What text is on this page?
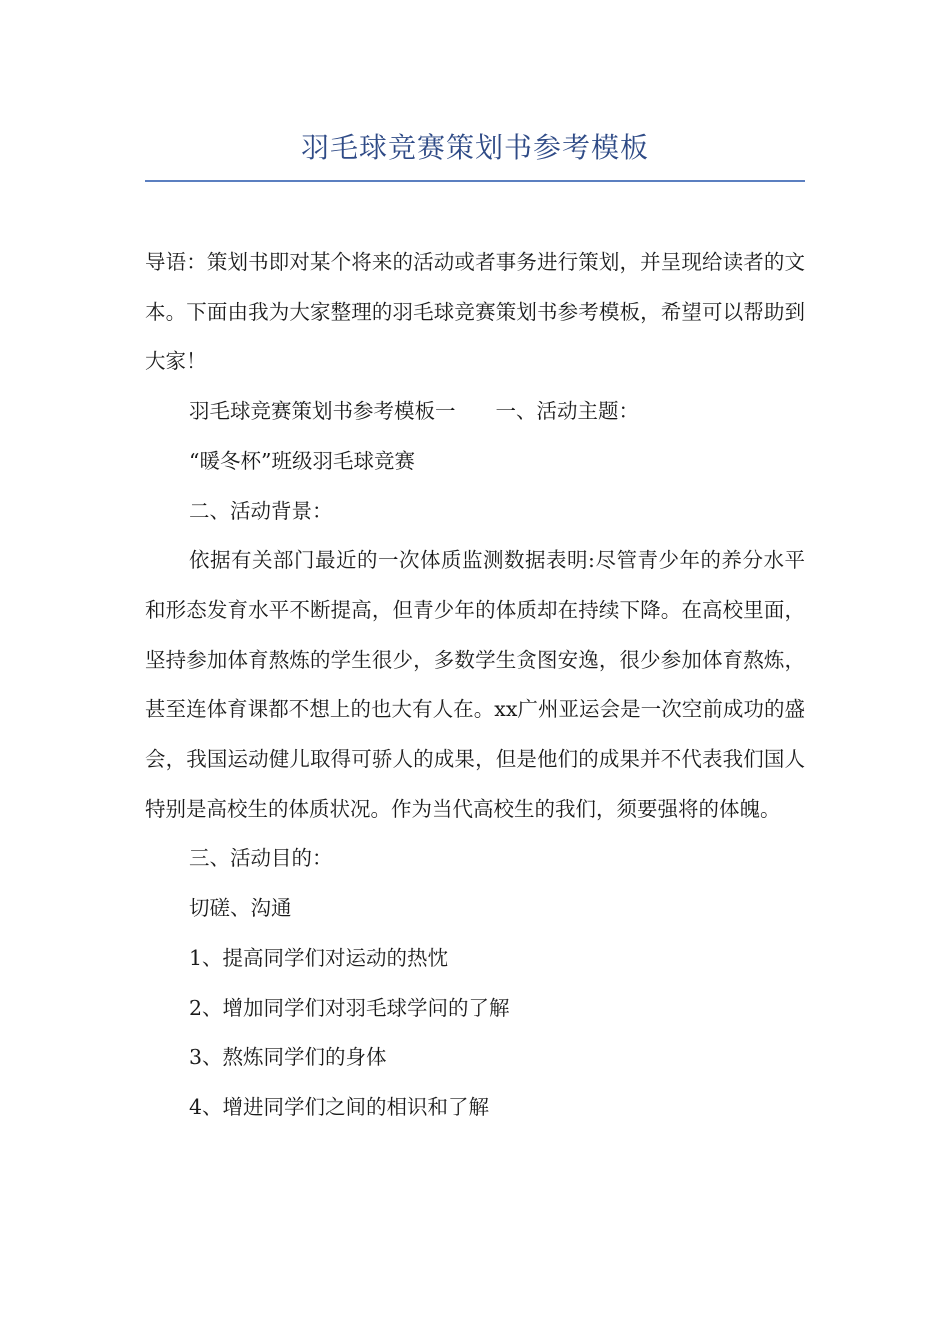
羽毛球竞赛策划书参考模板

导语：策划书即对某个将来的活动或者事务进行策划，并呈现给读者的文本。下面由我为大家整理的羽毛球竞赛策划书参考模板，希望可以帮助到大家！

羽毛球竞赛策划书参考模板一 一、活动主题：

“暖冬杯”班级羽毛球竞赛

二、活动背景：

依据有关部门最近的一次体质监测数据表明:尽管青少年的养分水平和形态发育水平不断提高，但青少年的体质却在持续下降。在高校里面，坚持参加体育熬炼的学生很少，多数学生贪图安逸，很少参加体育熬炼，甚至连体育课都不想上的也大有人在。xx广州亚运会是一次空前成功的盛会，我国运动健儿取得可骄人的成果，但是他们的成果并不代表我们国人特别是高校生的体质状况。作为当代高校生的我们，须要强将的体魄。

三、活动目的：

切磋、沟通

1、提高同学们对运动的热忱

2、增加同学们对羽毛球学问的了解

3、熬炼同学们的身体

4、增进同学们之间的相识和了解
